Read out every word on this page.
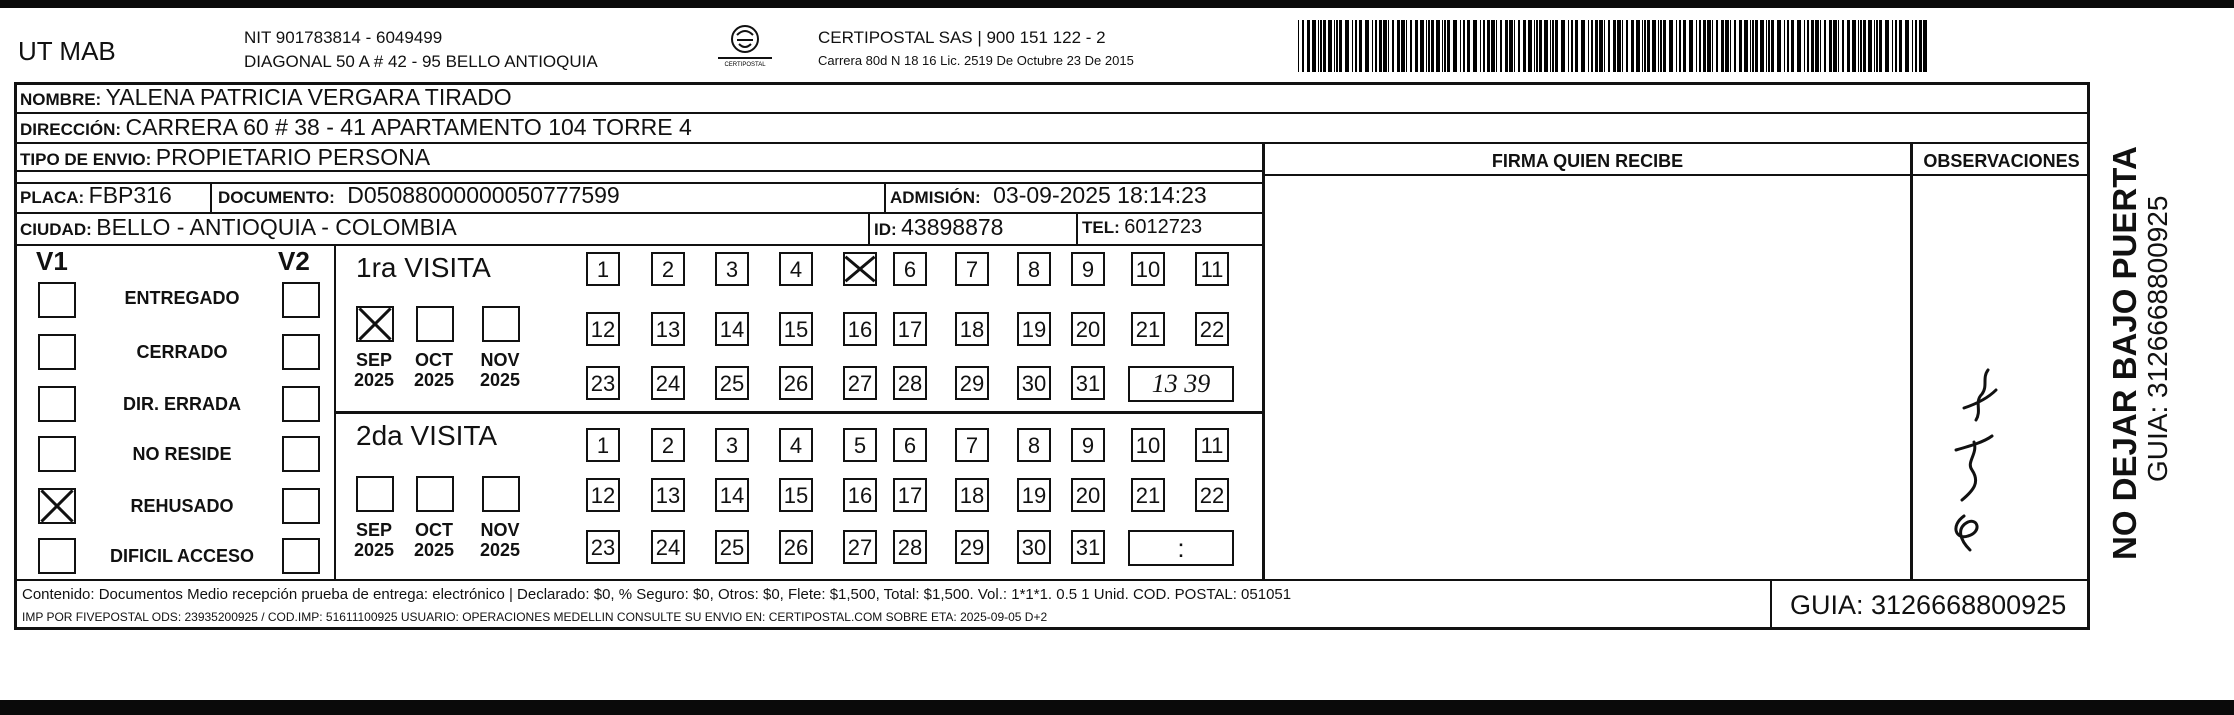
UT MAB	NIT 901783814 - 6049499
DIAGONAL 50 A # 42 - 95 BELLO ANTIOQUIA	CERTIPOSTAL
CERTIPOSTAL SAS | 900 151 122 - 2
Carrera 80d N 18 16 Lic. 2519 De Octubre 23 De 2015
FIRMA QUIEN RECIBE	OBSERVACIONES
NOMBRE: YALENA PATRICIA VERGARA TIRADO
DIRECCIÓN: CARRERA 60 # 38 - 41 APARTAMENTO 104 TORRE 4
TIPO DE ENVIO: PROPIETARIO PERSONA
PLACA: FBP316	DOCUMENTO: D05088000000050777599	ADMISIÓN: 03-09-2025 18:14:23
CIUDAD: BELLO - ANTIOQUIA - COLOMBIA	ID: 43898878	TEL: 6012723
V1	V2 1ra VISITA
2da VISITA
13 39
:
Contenido: Documentos Medio recepción prueba de entrega: electrónico | Declarado: $0, % Seguro: $0, Otros: $0, Flete: $1,500, Total: $1,500. Vol.: 1*1*1. 0.5 1 Unid. COD. POSTAL: 051051
IMP POR FIVEPOSTAL ODS: 23935200925 / COD.IMP: 51611100925 USUARIO: OPERACIONES MEDELLIN CONSULTE SU ENVIO EN: CERTIPOSTAL.COM SOBRE ETA: 2025-09-05 D+2	GUIA: 3126668800925
NO DEJAR BAJO PUERTA GUIA: 3126668800925
ENTREGADO
CERRADO
DIR. ERRADA
NO RESIDE
REHUSADO
DIFICIL ACCESO
SEP
2025
OCT
2025
NOV
2025
SEP
2025
OCT
2025
NOV
2025
1	2	3	4	6	7	8	9	10 11
12 13 14 15 16 17 18 19 20 21 22
23 24 25 26 27 28 29 30 31
1	2	3	4	5	6	7	8	9	10 11
12 13 14 15 16 17 18 19 20 21 22
23 24 25 26 27 28 29 30 31
